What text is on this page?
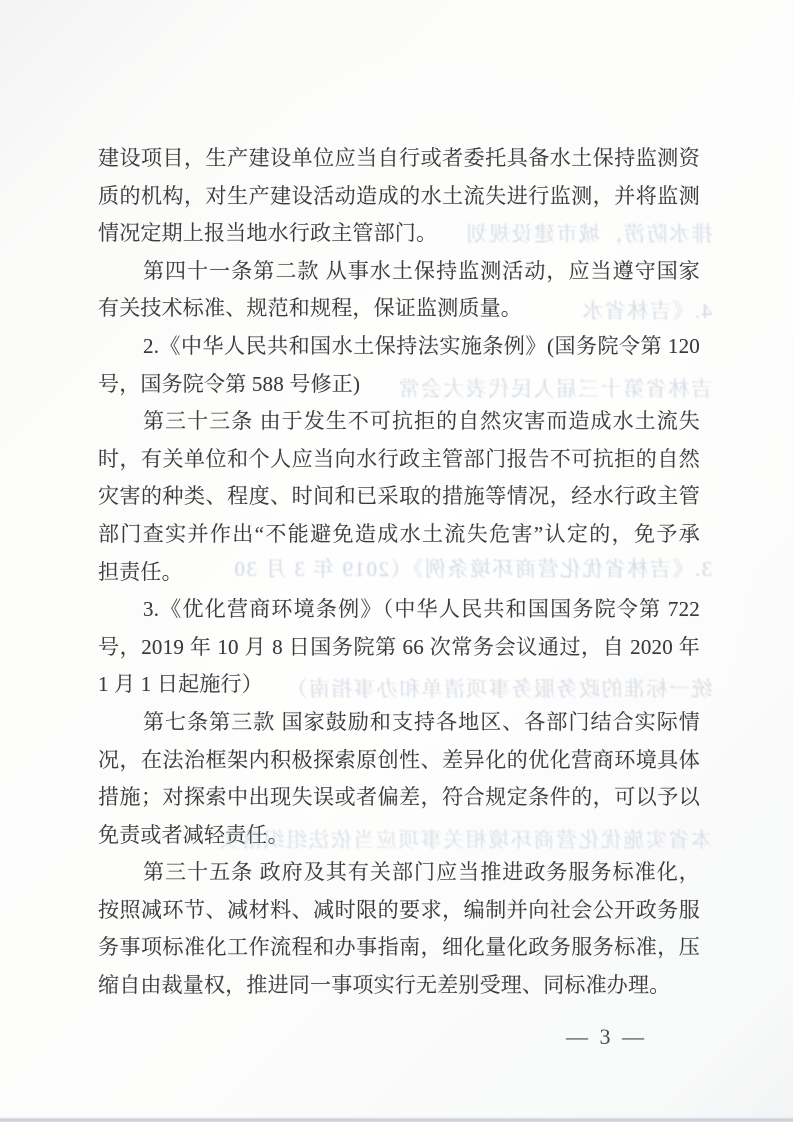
建设项目，生产建设单位应当自行或者委托具备水土保持监测资
质的机构，对生产建设活动造成的水土流失进行监测，并将监测
情况定期上报当地水行政主管部门。
第四十一条第二款 从事水土保持监测活动，应当遵守国家
有关技术标准、规范和规程，保证监测质量。
2.《中华人民共和国水土保持法实施条例》(国务院令第 120
号，国务院令第 588 号修正)
第三十三条 由于发生不可抗拒的自然灾害而造成水土流失
时，有关单位和个人应当向水行政主管部门报告不可抗拒的自然
灾害的种类、程度、时间和已采取的措施等情况，经水行政主管
部门查实并作出“不能避免造成水土流失危害”认定的，免予承
担责任。
3.《优化营商环境条例》（中华人民共和国国务院令第 722
号，2019 年 10 月 8 日国务院第 66 次常务会议通过，自 2020 年
1 月 1 日起施行）
第七条第三款 国家鼓励和支持各地区、各部门结合实际情
况，在法治框架内积极探索原创性、差异化的优化营商环境具体
措施；对探索中出现失误或者偏差，符合规定条件的，可以予以
免责或者减轻责任。
第三十五条 政府及其有关部门应当推进政务服务标准化，
按照减环节、减材料、减时限的要求，编制并向社会公开政务服
务事项标准化工作流程和办事指南，细化量化政务服务标准，压
缩自由裁量权，推进同一事项实行无差别受理、同标准办理。
排水防涝，城市建设规划
4.《吉林省水
吉林省第十三届人民代表大会常
3.《吉林省优化营商环境条例》（2019 年 3 月 30
统一标准的政务服务事项清单和办事指南）
本省实施优化营商环境相关事项应当依法组织落实
— 3 —
